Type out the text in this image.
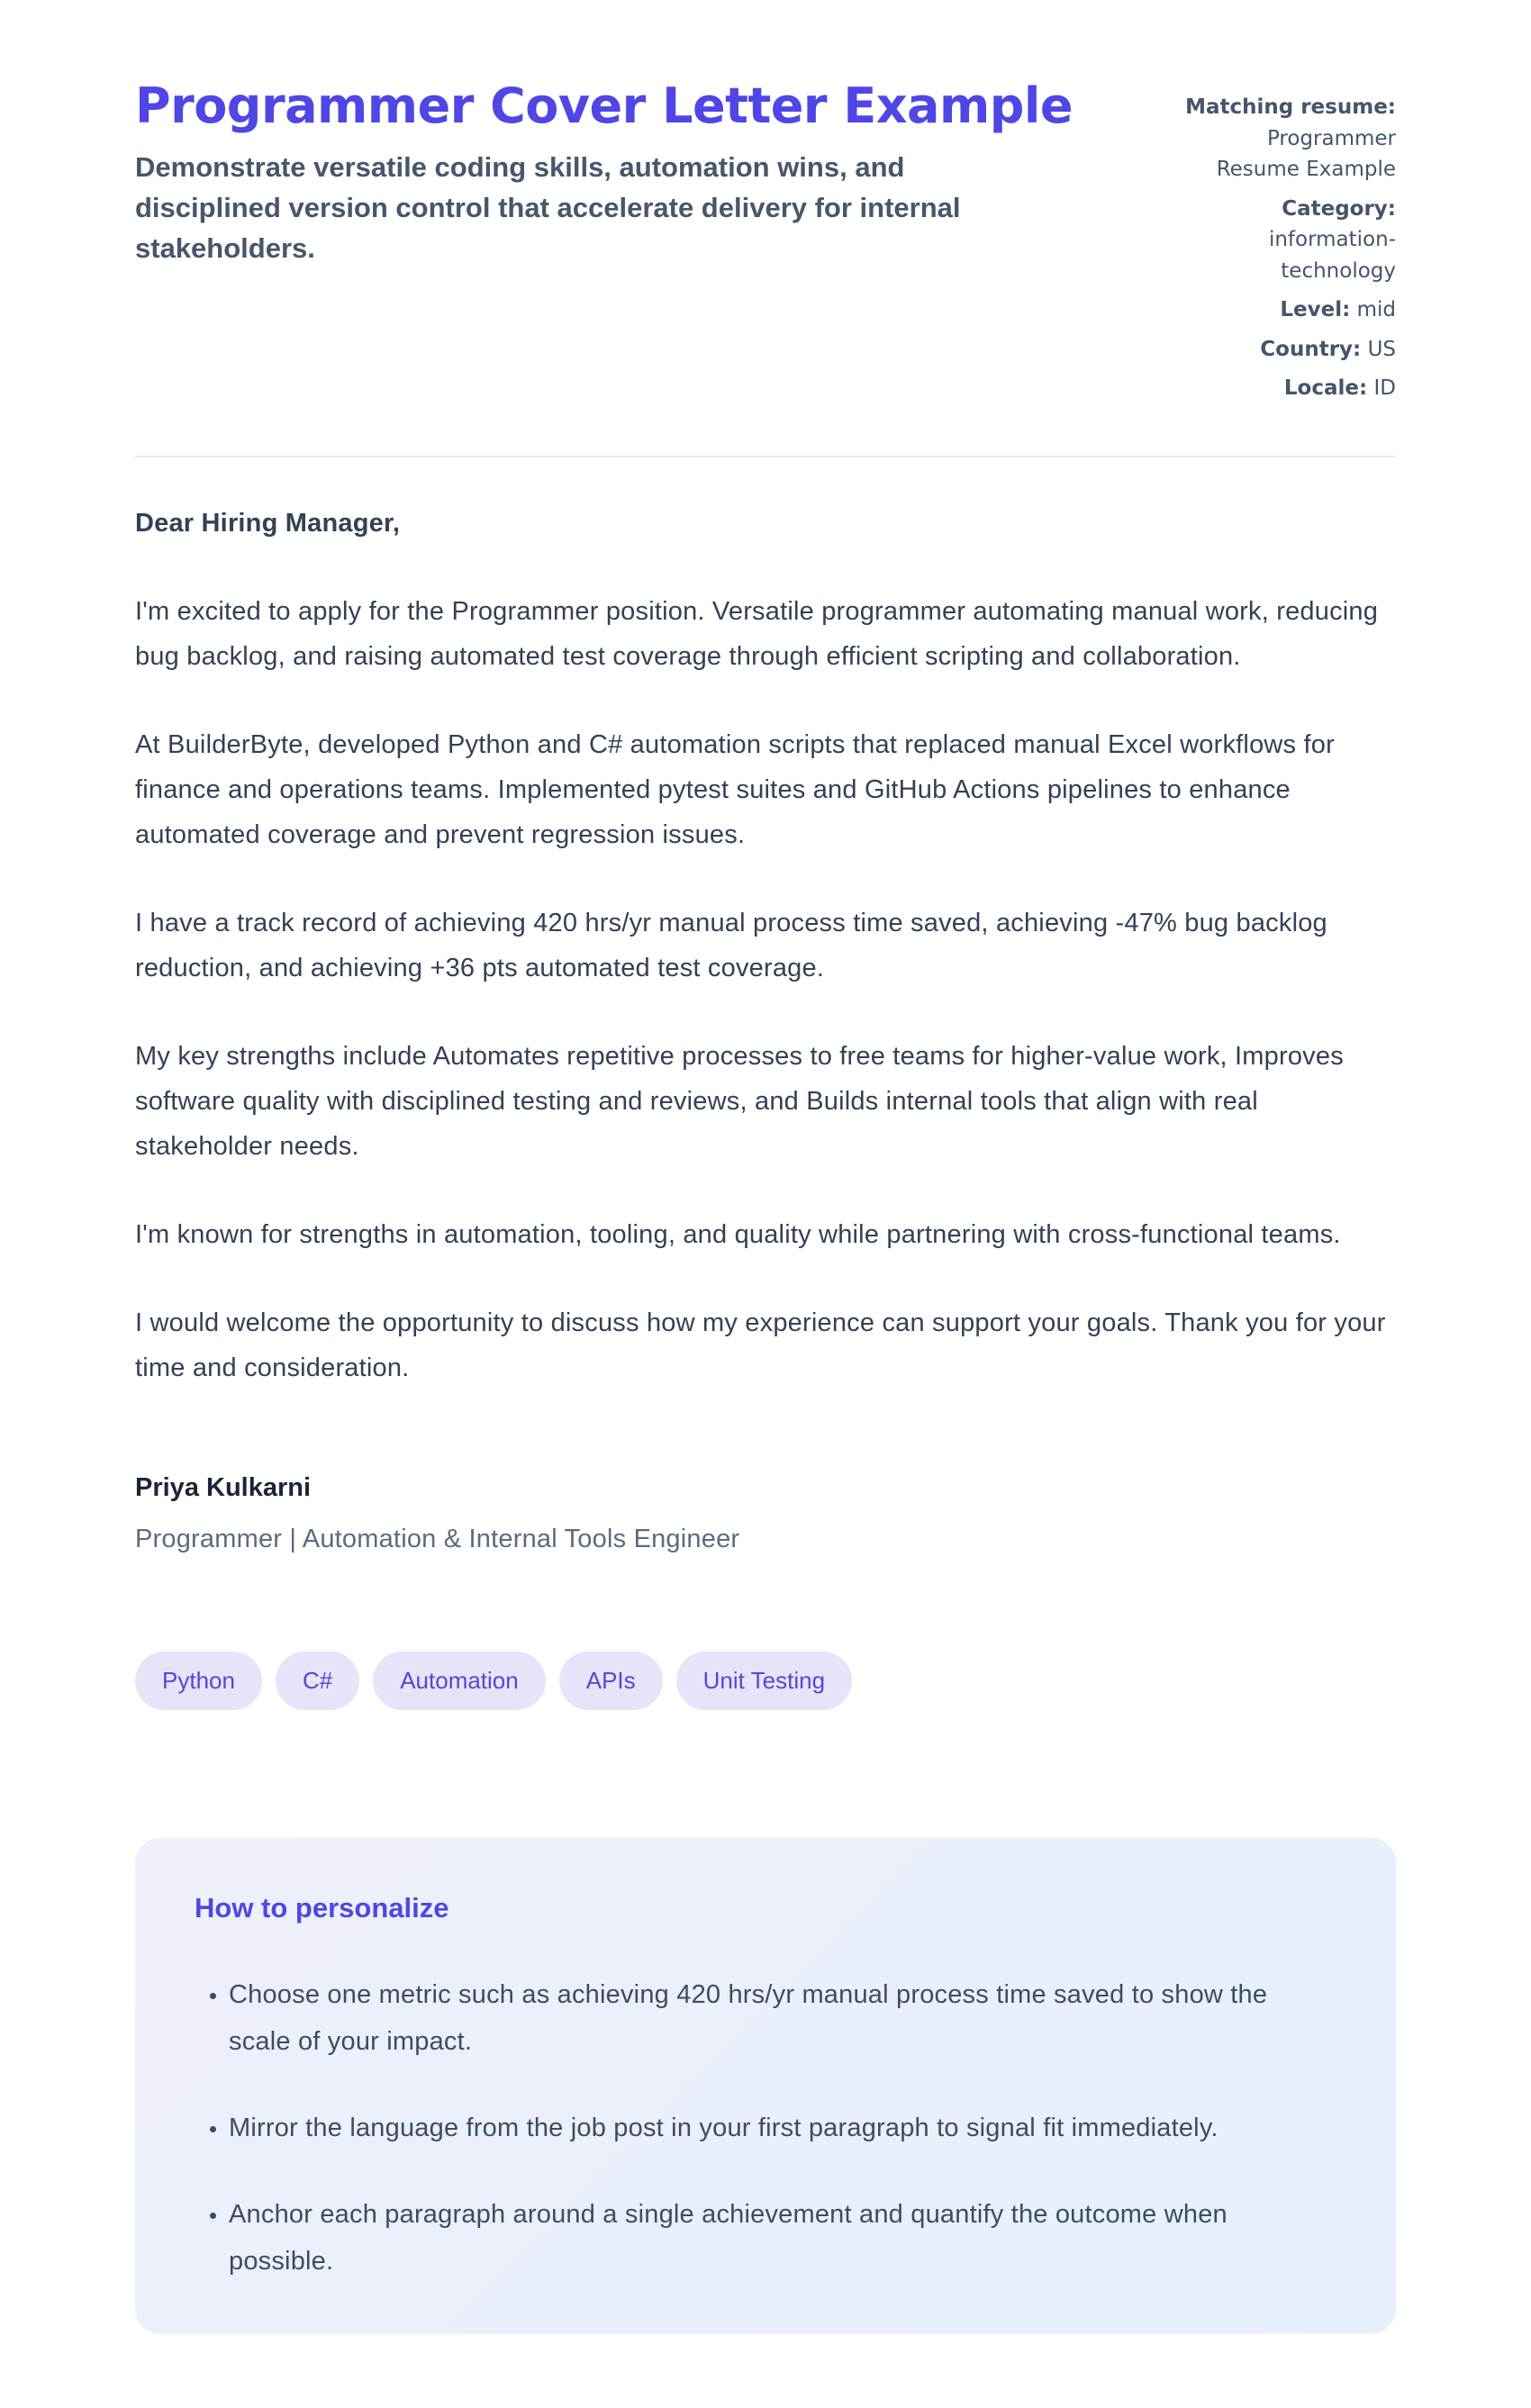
Programmer Cover Letter Example
Demonstrate versatile coding skills, automation wins, and disciplined version control that accelerate delivery for internal stakeholders.
Matching resume:
Programmer Resume Example
Category:
information-technology
Level: mid
Country: US
Locale: ID

Dear Hiring Manager,

I'm excited to apply for the Programmer position. Versatile programmer automating manual work, reducing bug backlog, and raising automated test coverage through efficient scripting and collaboration.

At BuilderByte, developed Python and C# automation scripts that replaced manual Excel workflows for finance and operations teams. Implemented pytest suites and GitHub Actions pipelines to enhance automated coverage and prevent regression issues.

I have a track record of achieving 420 hrs/yr manual process time saved, achieving -47% bug backlog reduction, and achieving +36 pts automated test coverage.

My key strengths include Automates repetitive processes to free teams for higher-value work, Improves software quality with disciplined testing and reviews, and Builds internal tools that align with real stakeholder needs.

I'm known for strengths in automation, tooling, and quality while partnering with cross-functional teams.

I would welcome the opportunity to discuss how my experience can support your goals. Thank you for your time and consideration.

Priya Kulkarni
Programmer | Automation & Internal Tools Engineer
Python	C#	Automation	APIs	Unit Testing
How to personalize
• Choose one metric such as achieving 420 hrs/yr manual process time saved to show the scale of your impact.
• Mirror the language from the job post in your first paragraph to signal fit immediately.
• Anchor each paragraph around a single achievement and quantify the outcome when possible.
